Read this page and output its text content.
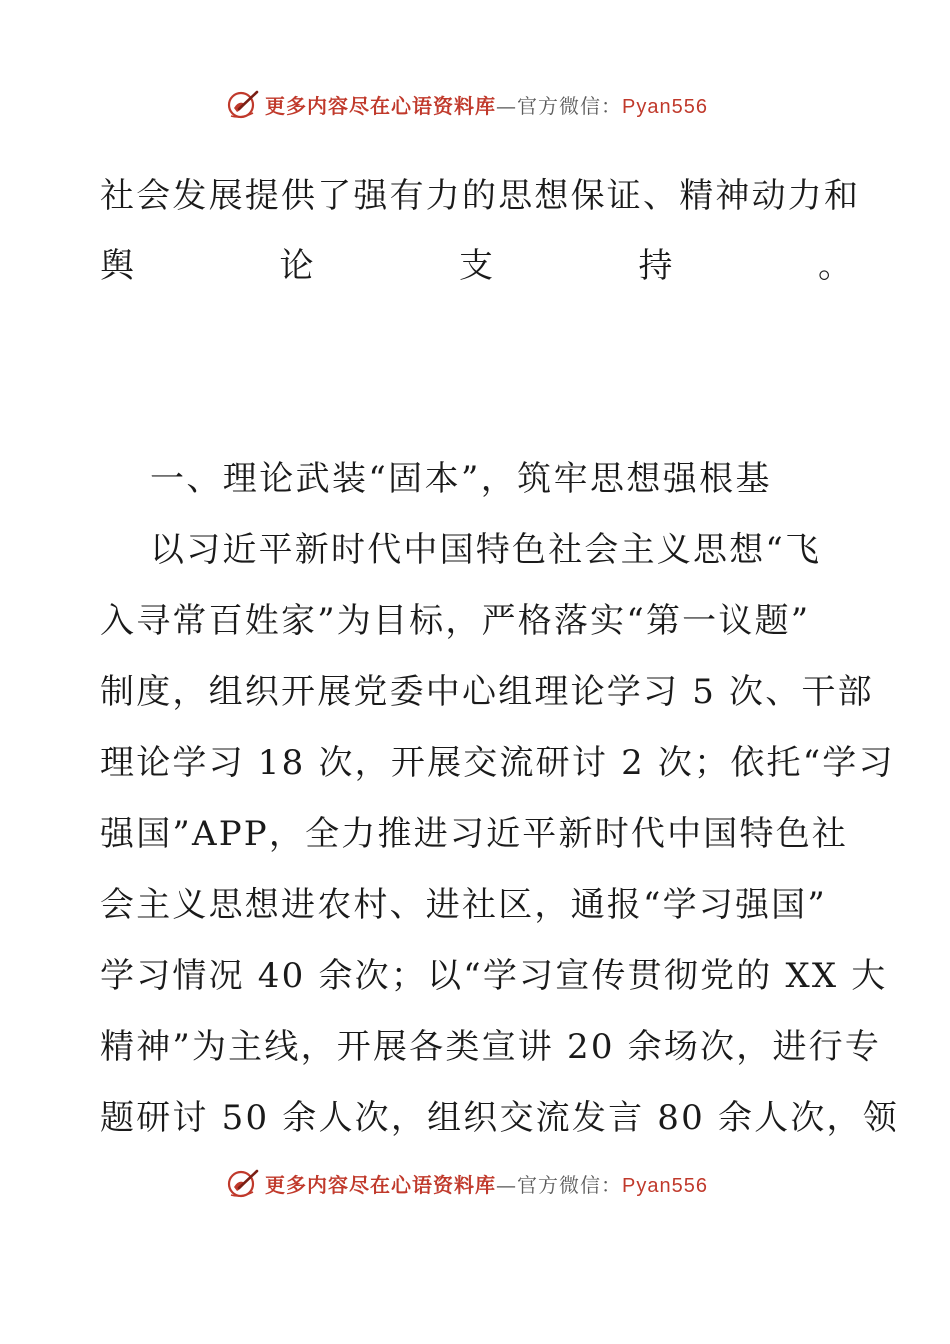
更多内容尽在心语资料库—官方微信：Pyan556
社会发展提供了强有力的思想保证、精神动力和
舆	论	支	持	。
一、理论武装“固本”，筑牢思想强根基
以习近平新时代中国特色社会主义思想“飞
入寻常百姓家”为目标，严格落实“第一议题”
制度，组织开展党委中心组理论学习 5 次、干部
理论学习 18 次，开展交流研讨 2 次；依托“学习
强国”APP，全力推进习近平新时代中国特色社
会主义思想进农村、进社区，通报“学习强国”
学习情况 40 余次；以“学习宣传贯彻党的 XX 大
精神”为主线，开展各类宣讲 20 余场次，进行专
题研讨 50 余人次，组织交流发言 80 余人次，领
更多内容尽在心语资料库—官方微信：Pyan556
